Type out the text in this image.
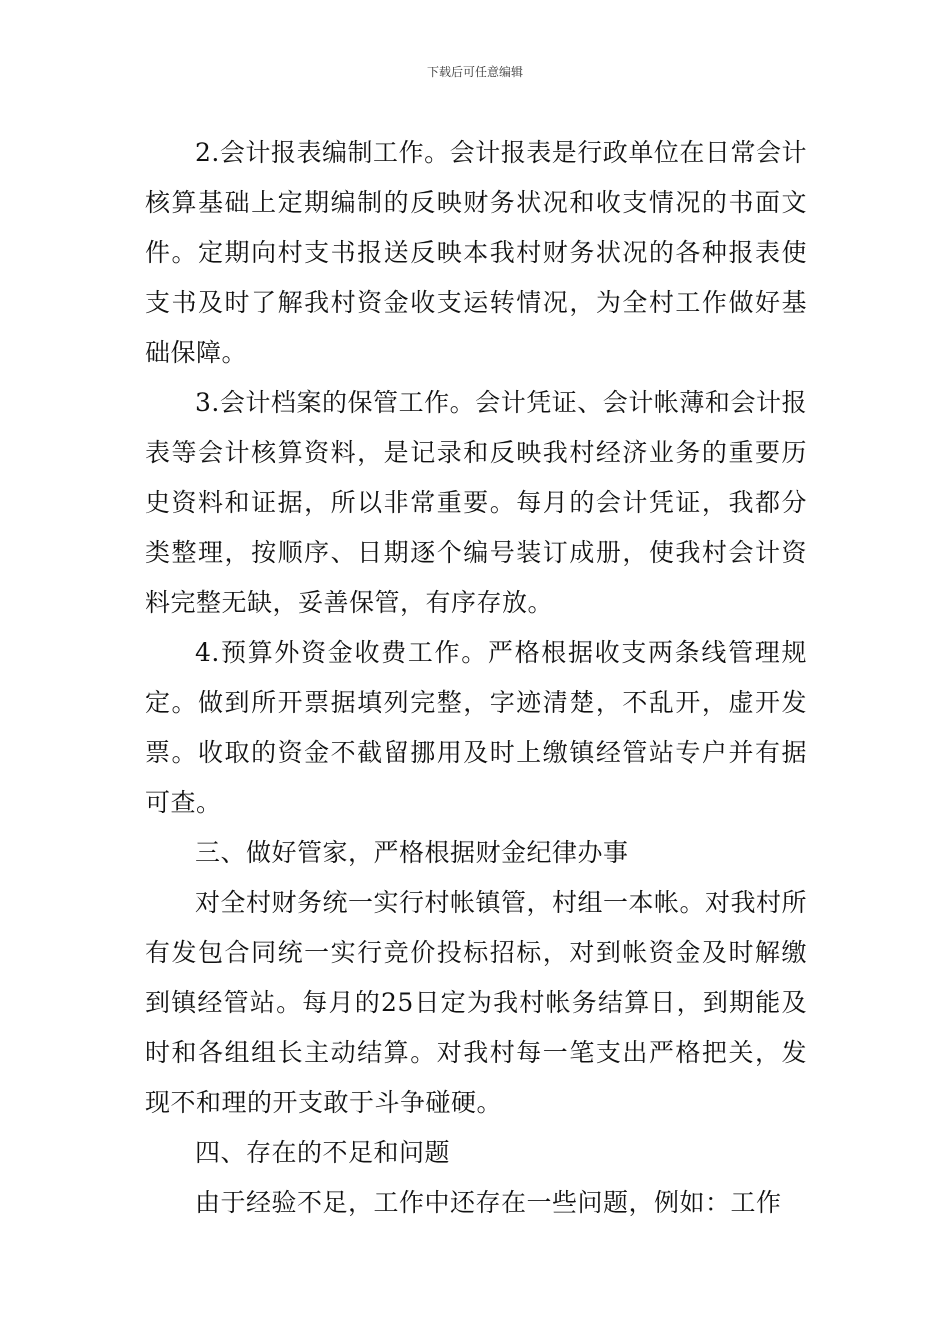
下载后可任意编辑

2.会计报表编制工作。会计报表是行政单位在日常会计核算基础上定期编制的反映财务状况和收支情况的书面文件。定期向村支书报送反映本我村财务状况的各种报表使支书及时了解我村资金收支运转情况，为全村工作做好基础保障。

3.会计档案的保管工作。会计凭证、会计帐薄和会计报表等会计核算资料，是记录和反映我村经济业务的重要历史资料和证据，所以非常重要。每月的会计凭证，我都分类整理，按顺序、日期逐个编号装订成册，使我村会计资料完整无缺，妥善保管，有序存放。

4.预算外资金收费工作。严格根据收支两条线管理规定。做到所开票据填列完整，字迹清楚，不乱开，虚开发票。收取的资金不截留挪用及时上缴镇经管站专户并有据可查。

三、做好管家，严格根据财金纪律办事

对全村财务统一实行村帐镇管，村组一本帐。对我村所有发包合同统一实行竞价投标招标，对到帐资金及时解缴到镇经管站。每月的25日定为我村帐务结算日，到期能及时和各组组长主动结算。对我村每一笔支出严格把关，发现不和理的开支敢于斗争碰硬。

四、存在的不足和问题

由于经验不足，工作中还存在一些问题，例如：工作
